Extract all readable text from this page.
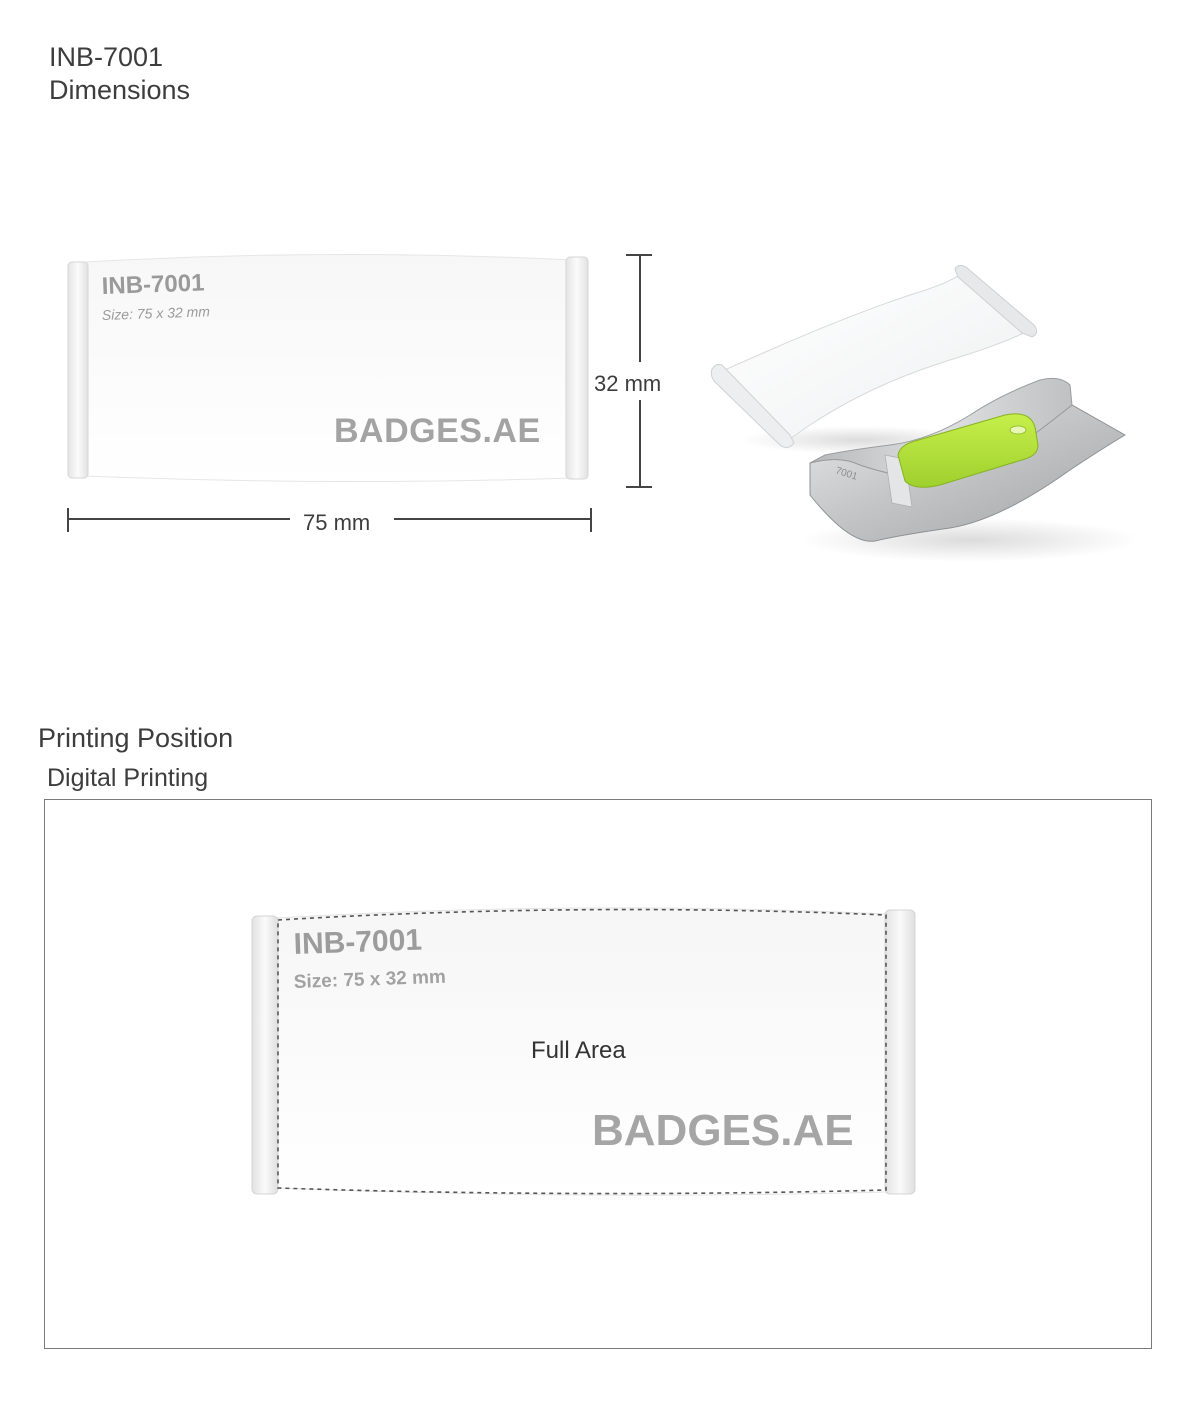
INB-7001
Dimensions
INB-7001
Size: 75 x 32 mm
BADGES.AE
75 mm
32 mm
7001
Printing Position
Digital Printing
INB-7001
Size: 75 x 32 mm
BADGES.AE
Full Area
